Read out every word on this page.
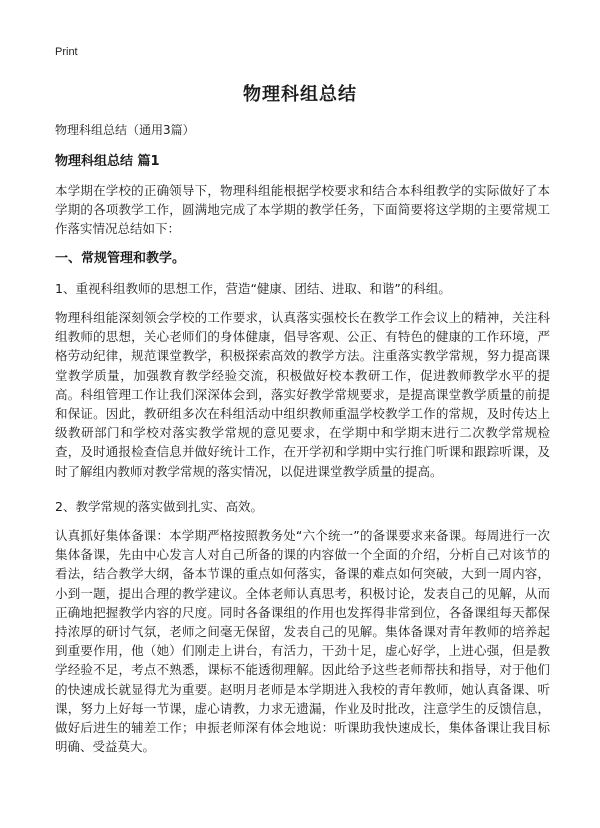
Print
物理科组总结
物理科组总结（通用3篇）
物理科组总结 篇1

本学期在学校的正确领导下，物理科组能根据学校要求和结合本科组教学的实际做好了本学期的各项教学工作，圆满地完成了本学期的教学任务，下面简要将这学期的主要常规工作落实情况总结如下：

一、常规管理和教学。
1、重视科组教师的思想工作，营造“健康、团结、进取、和谐”的科组。

物理科组能深刻领会学校的工作要求，认真落实强校长在教学工作会议上的精神，关注科组教师的思想，关心老师们的身体健康，倡导客观、公正、有特色的健康的工作环境，严格劳动纪律，规范课堂教学，积极探索高效的教学方法。注重落实教学常规，努力提高课堂教学质量，加强教育教学经验交流，积极做好校本教研工作，促进教师教学水平的提高。科组管理工作让我们深深体会到，落实好教学常规要求，是提高课堂教学质量的前提和保证。因此，教研组多次在科组活动中组织教师重温学校教学工作的常规，及时传达上级教研部门和学校对落实教学常规的意见要求，在学期中和学期末进行二次教学常规检查，及时通报检查信息并做好统计工作，在开学初和学期中实行推门听课和跟踪听课，及时了解组内教师对教学常规的落实情况，以促进课堂教学质量的提高。

2、教学常规的落实做到扎实、高效。

认真抓好集体备课：本学期严格按照教务处“六个统一”的备课要求来备课。每周进行一次集体备课，先由中心发言人对自己所备的课的内容做一个全面的介绍，分析自己对该节的看法，结合教学大纲，备本节课的重点如何落实，备课的难点如何突破，大到一周内容，小到一题，提出合理的教学建议。全体老师认真思考，积极讨论，发表自己的见解，从而正确地把握教学内容的尺度。同时各备课组的作用也发挥得非常到位，各备课组每天都保持浓厚的研讨气氛，老师之间毫无保留，发表自己的见解。集体备课对青年教师的培养起到重要作用，他（她）们刚走上讲台，有活力，干劲十足，虚心好学，上进心强，但是教学经验不足，考点不熟悉，课标不能透彻理解。因此给予这些老师帮扶和指导，对于他们的快速成长就显得尤为重要。赵明月老师是本学期进入我校的青年教师，她认真备课、听课，努力上好每一节课，虚心请教，力求无遗漏，作业及时批改，注意学生的反馈信息，做好后进生的辅差工作；申振老师深有体会地说：听课助我快速成长，集体备课让我目标明确、受益莫大。
